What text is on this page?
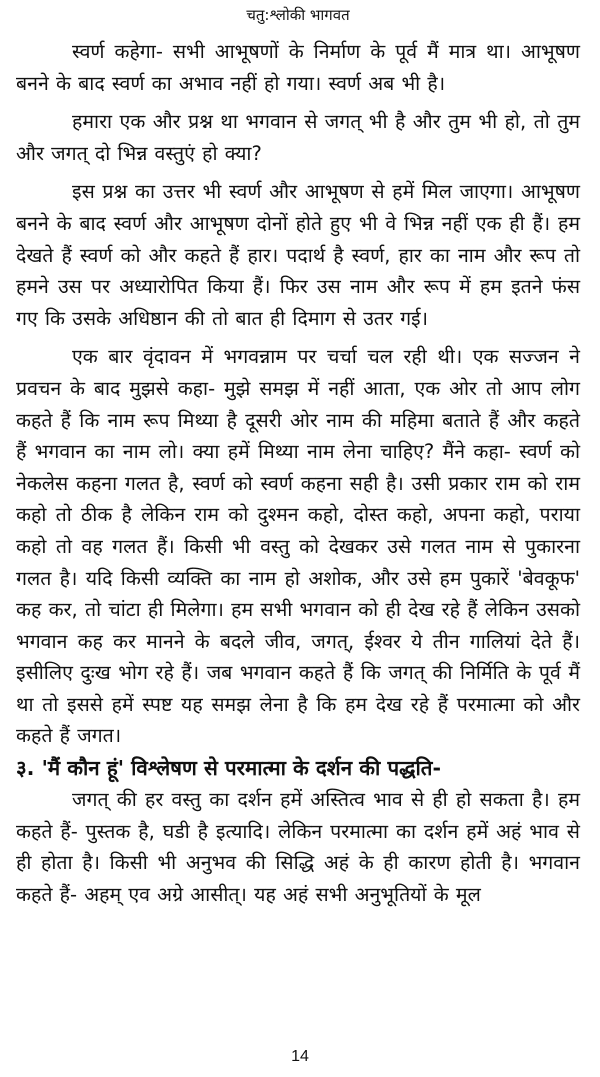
चतु:श्लोकी भागवत

स्वर्ण कहेगा- सभी आभूषणों के निर्माण के पूर्व मैं मात्र था। आभूषण बनने के बाद स्वर्ण का अभाव नहीं हो गया। स्वर्ण अब भी है।

हमारा एक और प्रश्न था भगवान से जगत् भी है और तुम भी हो, तो तुम और जगत् दो भिन्न वस्तुएं हो क्या?

इस प्रश्न का उत्तर भी स्वर्ण और आभूषण से हमें मिल जाएगा। आभूषण बनने के बाद स्वर्ण और आभूषण दोनों होते हुए भी वे भिन्न नहीं एक ही हैं। हम देखते हैं स्वर्ण को और कहते हैं हार। पदार्थ है स्वर्ण, हार का नाम और रूप तो हमने उस पर अध्यारोपित किया हैं। फिर उस नाम और रूप में हम इतने फंस गए कि उसके अधिष्ठान की तो बात ही दिमाग से उतर गई।

एक बार वृंदावन में भगवन्नाम पर चर्चा चल रही थी। एक सज्जन ने प्रवचन के बाद मुझसे कहा- मुझे समझ में नहीं आता, एक ओर तो आप लोग कहते हैं कि नाम रूप मिथ्या है दूसरी ओर नाम की महिमा बताते हैं और कहते हैं भगवान का नाम लो। क्या हमें मिथ्या नाम लेना चाहिए? मैंने कहा- स्वर्ण को नेकलेस कहना गलत है, स्वर्ण को स्वर्ण कहना सही है। उसी प्रकार राम को राम कहो तो ठीक है लेकिन राम को दुश्मन कहो, दोस्त कहो, अपना कहो, पराया कहो तो वह गलत हैं। किसी भी वस्तु को देखकर उसे गलत नाम से पुकारना गलत है। यदि किसी व्यक्ति का नाम हो अशोक, और उसे हम पुकारें 'बेवकूफ' कह कर, तो चांटा ही मिलेगा। हम सभी भगवान को ही देख रहे हैं लेकिन उसको भगवान कह कर मानने के बदले जीव, जगत्, ईश्वर ये तीन गालियां देते हैं। इसीलिए दुःख भोग रहे हैं। जब भगवान कहते हैं कि जगत् की निर्मिति के पूर्व मैं था तो इससे हमें स्पष्ट यह समझ लेना है कि हम देख रहे हैं परमात्मा को और कहते हैं जगत।

३. 'मैं कौन हूं' विश्लेषण से परमात्मा के दर्शन की पद्धति-

जगत् की हर वस्तु का दर्शन हमें अस्तित्व भाव से ही हो सकता है। हम कहते हैं- पुस्तक है, घडी है इत्यादि। लेकिन परमात्मा का दर्शन हमें अहं भाव से ही होता है। किसी भी अनुभव की सिद्धि अहं के ही कारण होती है। भगवान कहते हैं- अहम् एव अग्रे आसीत्। यह अहं सभी अनुभूतियों के मूल

14
